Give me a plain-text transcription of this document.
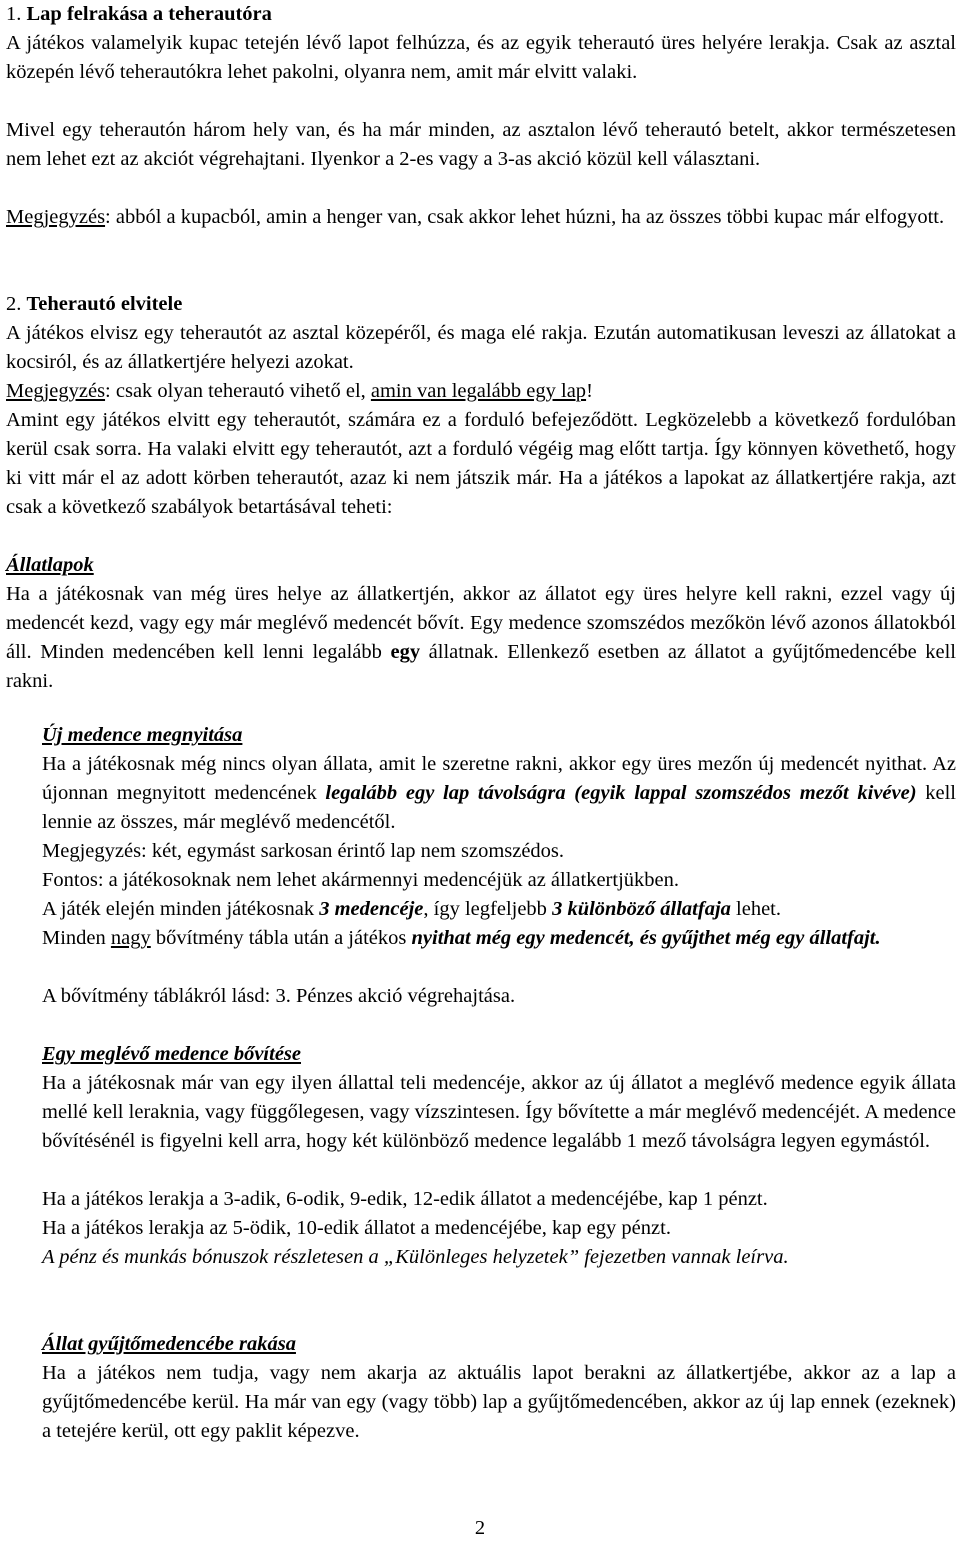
1. Lap felrakása a teherautóra

A játékos valamelyik kupac tetején lévő lapot felhúzza, és az egyik teherautó üres helyére lerakja. Csak az asztal közepén lévő teherautókra lehet pakolni, olyanra nem, amit már elvitt valaki.

Mivel egy teherautón három hely van, és ha már minden, az asztalon lévő teherautó betelt, akkor természetesen nem lehet ezt az akciót végrehajtani. Ilyenkor a 2-es vagy a 3-as akció közül kell választani.

Megjegyzés: abból a kupacból, amin a henger van, csak akkor lehet húzni, ha az összes többi kupac már elfogyott.

2. Teherautó elvitele

A játékos elvisz egy teherautót az asztal közepéről, és maga elé rakja. Ezután automatikusan leveszi az állatokat a kocsiról, és az állatkertjére helyezi azokat.

Megjegyzés: csak olyan teherautó vihető el, amin van legalább egy lap!

Amint egy játékos elvitt egy teherautót, számára ez a forduló befejeződött. Legközelebb a következő fordulóban kerül csak sorra. Ha valaki elvitt egy teherautót, azt a forduló végéig mag előtt tartja. Így könnyen követhető, hogy ki vitt már el az adott körben teherautót, azaz ki nem játszik már. Ha a játékos a lapokat az állatkertjére rakja, azt csak a következő szabályok betartásával teheti:

Állatlapok

Ha a játékosnak van még üres helye az állatkertjén, akkor az állatot egy üres helyre kell rakni, ezzel vagy új medencét kezd, vagy egy már meglévő medencét bővít. Egy medence szomszédos mezőkön lévő azonos állatokból áll. Minden medencében kell lenni legalább egy állatnak. Ellenkező esetben az állatot a gyűjtőmedencébe kell rakni.

Új medence megnyitása

Ha a játékosnak még nincs olyan állata, amit le szeretne rakni, akkor egy üres mezőn új medencét nyithat. Az újonnan megnyitott medencének legalább egy lap távolságra (egyik lappal szomszédos mezőt kivéve) kell lennie az összes, már meglévő medencétől.

Megjegyzés: két, egymást sarkosan érintő lap nem szomszédos.

Fontos: a játékosoknak nem lehet akármennyi medencéjük az állatkertjükben.

A játék elején minden játékosnak 3 medencéje, így legfeljebb 3 különböző állatfaja lehet.

Minden nagy bővítmény tábla után a játékos nyithat még egy medencét, és gyűjthet még egy állatfajt.

A bővítmény táblákról lásd: 3. Pénzes akció végrehajtása.

Egy meglévő medence bővítése

Ha a játékosnak már van egy ilyen állattal teli medencéje, akkor az új állatot a meglévő medence egyik állata mellé kell leraknia, vagy függőlegesen, vagy vízszintesen. Így bővítette a már meglévő medencéjét. A medence bővítésénél is figyelni kell arra, hogy két különböző medence legalább 1 mező távolságra legyen egymástól.

Ha a játékos lerakja a 3-adik, 6-odik, 9-edik, 12-edik állatot a medencéjébe, kap 1 pénzt.

Ha a játékos lerakja az 5-ödik, 10-edik állatot a medencéjébe, kap egy pénzt.

A pénz és munkás bónuszok részletesen a „Különleges helyzetek” fejezetben vannak leírva.

Állat gyűjtőmedencébe rakása

Ha a játékos nem tudja, vagy nem akarja az aktuális lapot berakni az állatkertjébe, akkor az a lap a gyűjtőmedencébe kerül. Ha már van egy (vagy több) lap a gyűjtőmedencében, akkor az új lap ennek (ezeknek) a tetejére kerül, ott egy paklit képezve.

2
